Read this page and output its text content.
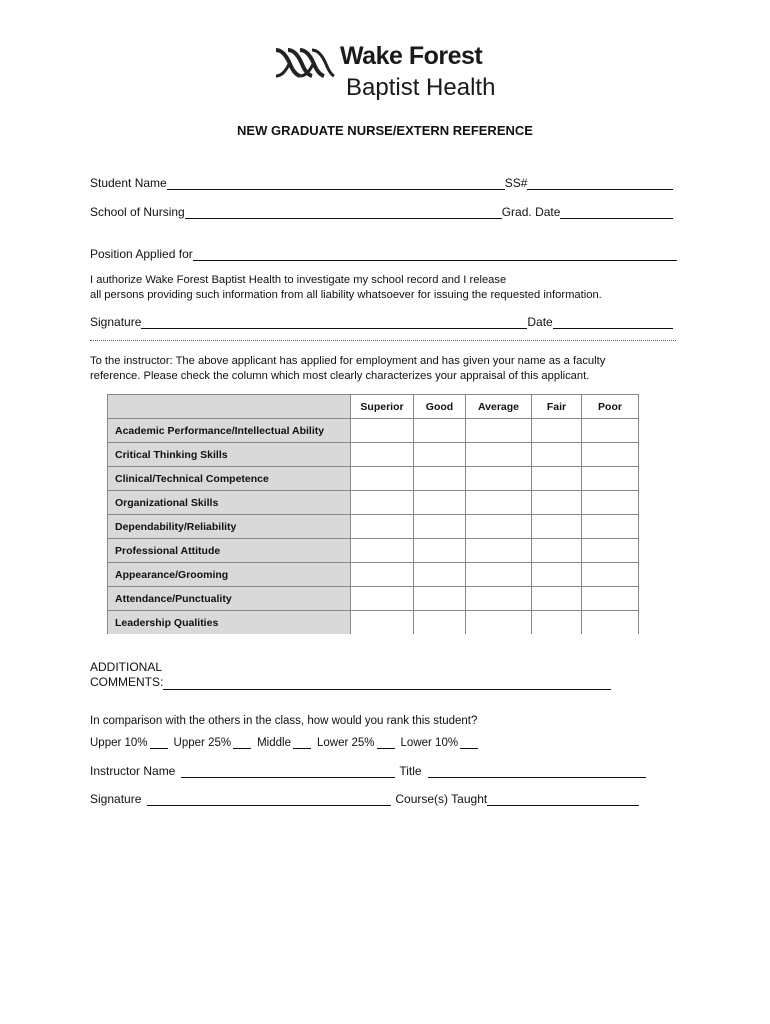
Wake Forest
Baptist Health
NEW GRADUATE NURSE/EXTERN REFERENCE
Student Name	SS#
School of Nursing	Grad. Date
Position Applied for
I authorize Wake Forest Baptist Health to investigate my school record and I release
all persons providing such information from all liability whatsoever for issuing the requested information.
Signature	Date
To the instructor: The above applicant has applied for employment and has given your name as a faculty
reference. Please check the column which most clearly characterizes your appraisal of this applicant.
	Superior	Good	Average	Fair	Poor
Academic Performance/Intellectual Ability					
Critical Thinking Skills					
Clinical/Technical Competence					
Organizational Skills					
Dependability/Reliability					
Professional Attitude					
Appearance/Grooming					
Attendance/Punctuality					
Leadership Qualities					
ADDITIONAL
COMMENTS:
In comparison with the others in the class, how would you rank this student?
Upper 10% Upper 25% Middle Lower 25% Lower 10%
Instructor Name	Title
Signature	Course(s) Taught
